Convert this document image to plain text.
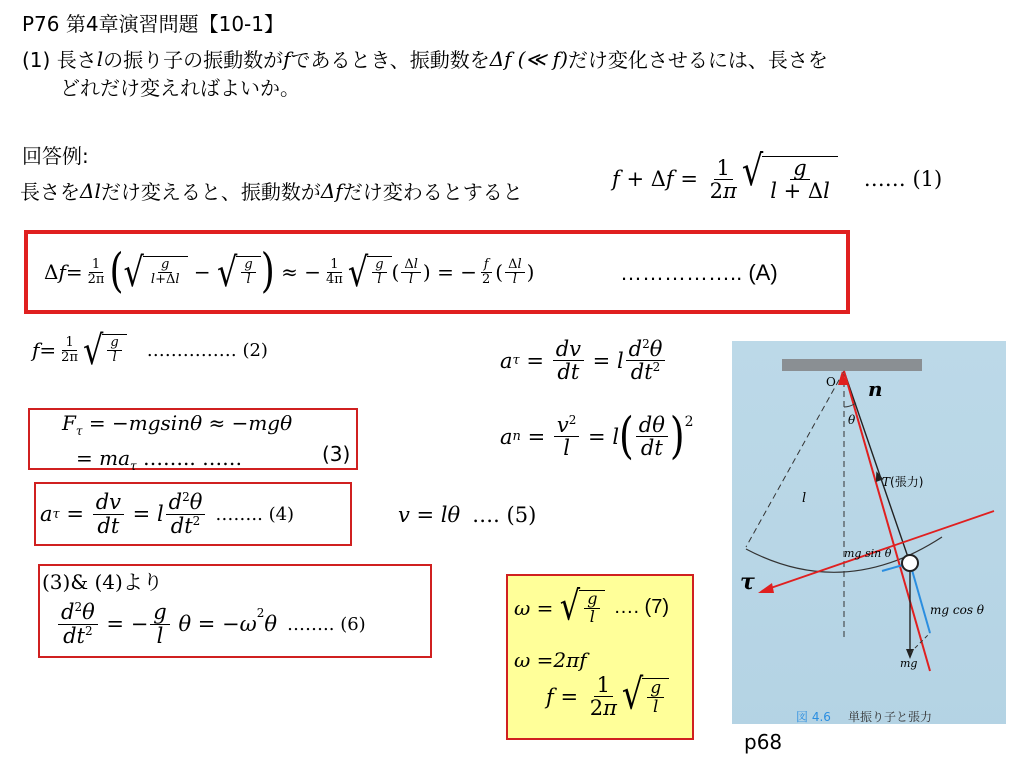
P76 第4章演習問題【10-1】
(1) 長さ l の振り子の振動数が f であるとき、振動数を Δf (≪ f) だけ変化させるには、長さを
どれだけ変えればよいか。
回答例:
長さを Δl だけ変えると、振動数が Δf だけ変わるとすると
f + Δ $f = \frac{1}{2\pi}$ √ $\frac{g}{l + \Delta l}$ …… (1)
$\Delta f= \frac{1}{2\pi}$ ( √ $\frac{g}{l+\Delta l}$ − √ $\frac{g}{l}$ ) ≈ − $\frac{1}{4\pi}$ √ $\frac{g}{l}$ ( $\frac{\Delta l}{l}$ ) = − $\frac{f}{2}$ ( $\frac{\Delta l}{l}$ )	…………….. (A)
$f = \frac{1}{2\pi}$ √ $\frac{g}{l}$ …………… (2)	a $\tau = \frac{dv}{dt} = l \frac{d^2\theta}{dt^2}$
a $n = \frac{v^2}{l} = l$ ( $\frac{d\theta}{dt} )^2$
$F_\tau = -mgsin\theta \approx -mg\theta$
= $ma_\tau$ …….. ……	(3)
a $\tau = \frac{dv}{dt} = l \frac{d^2\theta}{dt^2}$ …….. (4)	v = lθ …. (5)
(3)& (4)より
$\frac{d^2\theta}{dt^2}$ = − $\frac{g}{l}$
$\theta = -\omega^2$ θ …….. (6)
ω = √ $\frac{g}{l}$ …. (7)
ω =2πf
$f = \frac{1}{2\pi}$ √ $\frac{g}{l}$
O n
θ
l
T(張力)
mg sin θ
mg cos θ
mg
τ
図 4.6 単振り子と張力
p68
